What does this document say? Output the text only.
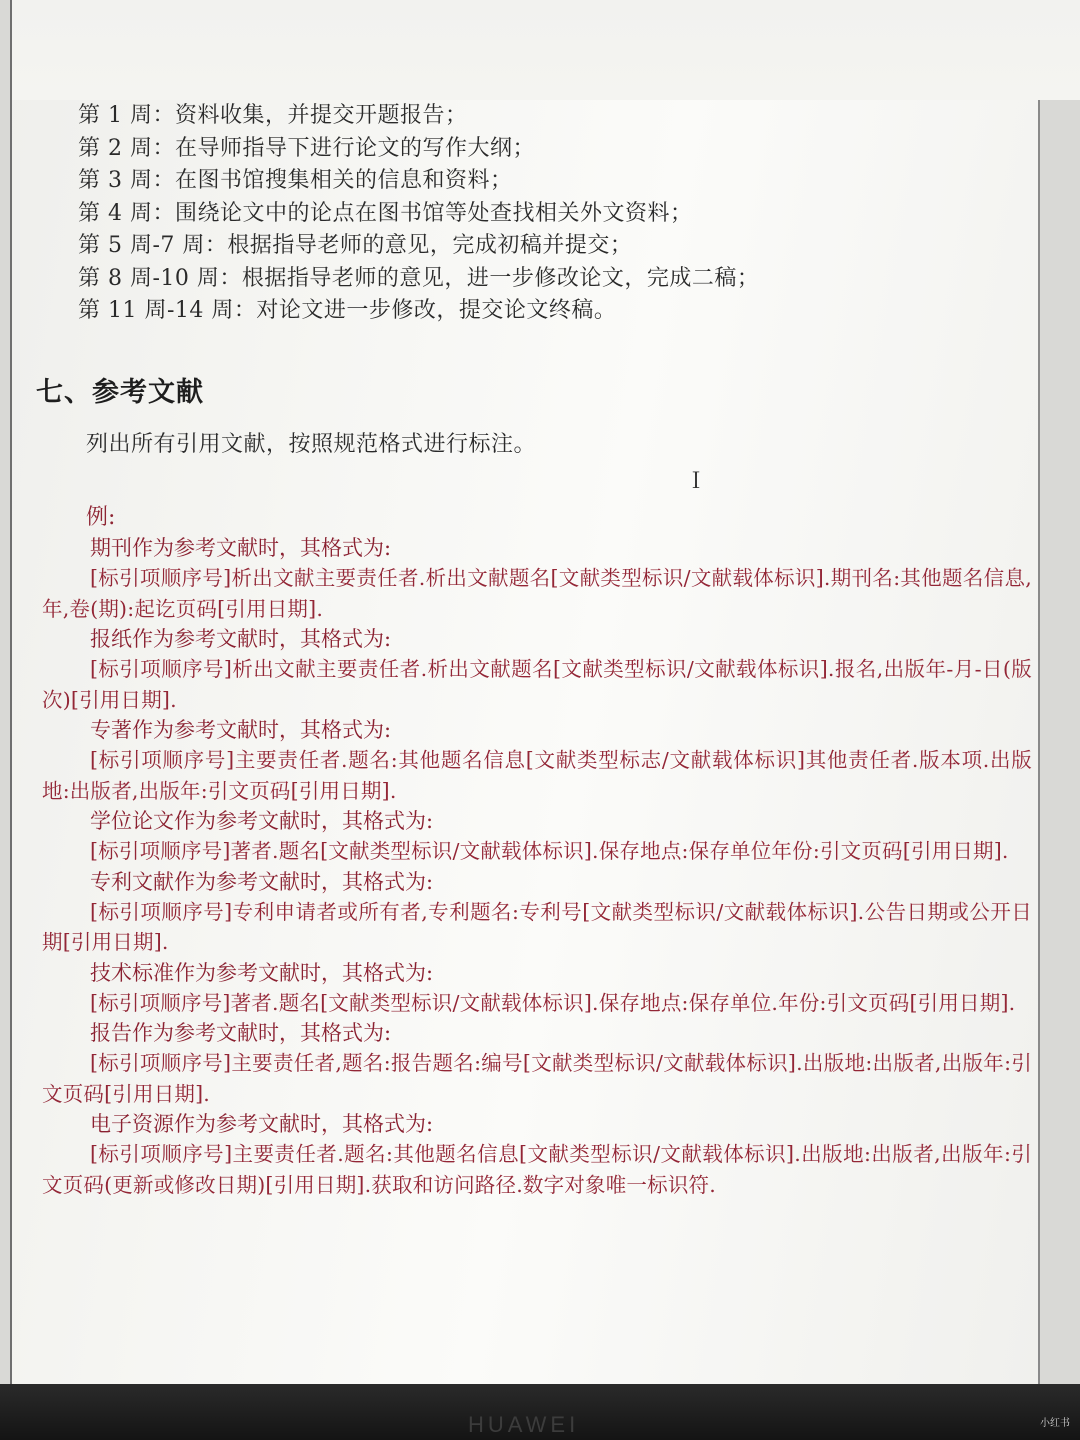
第 1 周：资料收集，并提交开题报告；
第 2 周：在导师指导下进行论文的写作大纲；
第 3 周：在图书馆搜集相关的信息和资料；
第 4 周：围绕论文中的论点在图书馆等处查找相关外文资料；
第 5 周-7 周：根据指导老师的意见，完成初稿并提交；
第 8 周-10 周：根据指导老师的意见，进一步修改论文，完成二稿；
第 11 周-14 周：对论文进一步修改，提交论文终稿。
七、参考文献
列出所有引用文献，按照规范格式进行标注。
Ｉ
例:
期刊作为参考文献时，其格式为:
[标引项顺序号]析出文献主要责任者.析出文献题名[文献类型标识/文献载体标识].期刊名:其他题名信息,年,卷(期):起讫页码[引用日期].
报纸作为参考文献时，其格式为:
[标引项顺序号]析出文献主要责任者.析出文献题名[文献类型标识/文献载体标识].报名,出版年-月-日(版次)[引用日期].
专著作为参考文献时，其格式为:
[标引项顺序号]主要责任者.题名:其他题名信息[文献类型标志/文献载体标识]其他责任者.版本项.出版地:出版者,出版年:引文页码[引用日期].
学位论文作为参考文献时，其格式为:
[标引项顺序号]著者.题名[文献类型标识/文献载体标识].保存地点:保存单位年份:引文页码[引用日期].
专利文献作为参考文献时，其格式为:
[标引项顺序号]专利申请者或所有者,专利题名:专利号[文献类型标识/文献载体标识].公告日期或公开日期[引用日期].
技术标准作为参考文献时，其格式为:
[标引项顺序号]著者.题名[文献类型标识/文献载体标识].保存地点:保存单位.年份:引文页码[引用日期].
报告作为参考文献时，其格式为:
[标引项顺序号]主要责任者,题名:报告题名:编号[文献类型标识/文献载体标识].出版地:出版者,出版年:引文页码[引用日期].
电子资源作为参考文献时，其格式为:
[标引项顺序号]主要责任者.题名:其他题名信息[文献类型标识/文献载体标识].出版地:出版者,出版年:引文页码(更新或修改日期)[引用日期].获取和访问路径.数字对象唯一标识符.
HUAWEI	小红书
